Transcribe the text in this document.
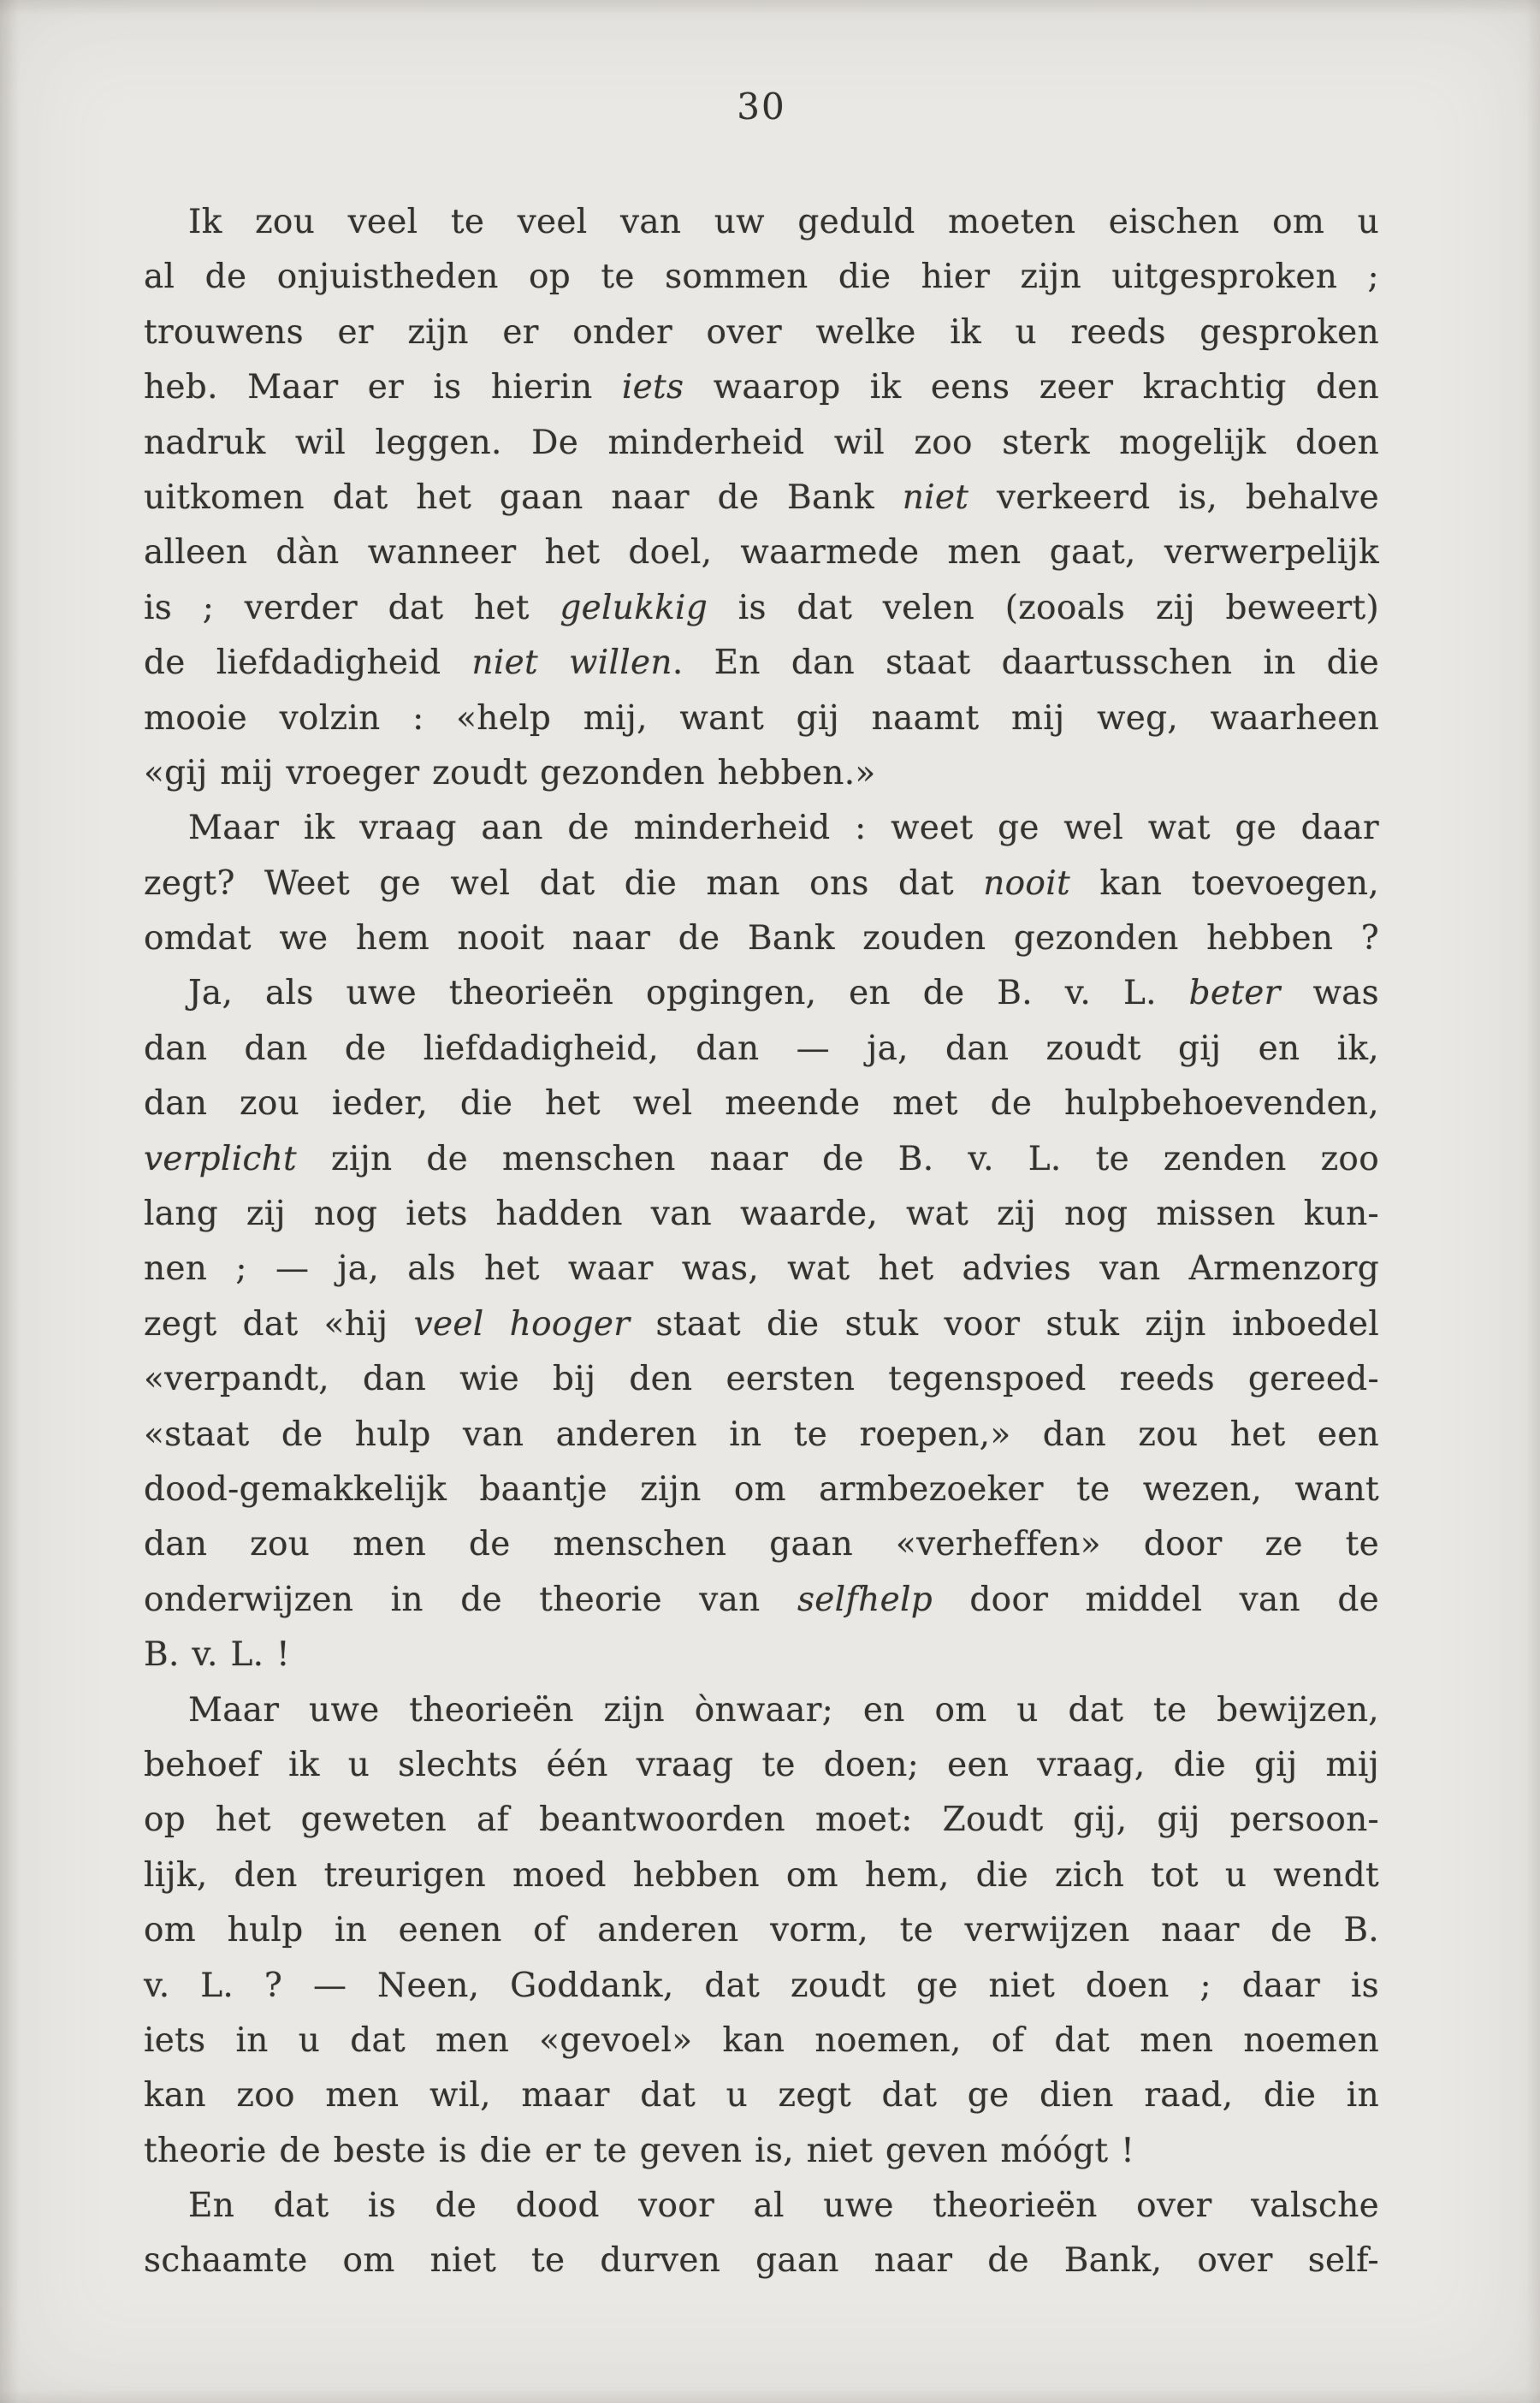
30
Ik zou veel te veel van uw geduld moeten eischen om u
al de onjuistheden op te sommen die hier zijn uitgesproken ;
trouwens er zijn er onder over welke ik u reeds gesproken
heb. Maar er is hierin iets waarop ik eens zeer krachtig den
nadruk wil leggen. De minderheid wil zoo sterk mogelijk doen
uitkomen dat het gaan naar de Bank niet verkeerd is, behalve
alleen dàn wanneer het doel, waarmede men gaat, verwerpelijk
is ; verder dat het gelukkig is dat velen (zooals zij beweert)
de liefdadigheid niet willen. En dan staat daartusschen in die
mooie volzin : «help mij, want gij naamt mij weg, waarheen
«gij mij vroeger zoudt gezonden hebben.»
Maar ik vraag aan de minderheid : weet ge wel wat ge daar
zegt? Weet ge wel dat die man ons dat nooit kan toevoegen,
omdat we hem nooit naar de Bank zouden gezonden hebben ?
Ja, als uwe theorieën opgingen, en de B. v. L. beter was
dan dan de liefdadigheid, dan — ja, dan zoudt gij en ik,
dan zou ieder, die het wel meende met de hulpbehoevenden,
verplicht zijn de menschen naar de B. v. L. te zenden zoo
lang zij nog iets hadden van waarde, wat zij nog missen kun-
nen ; — ja, als het waar was, wat het advies van Armenzorg
zegt dat «hij veel hooger staat die stuk voor stuk zijn inboedel
«verpandt, dan wie bij den eersten tegenspoed reeds gereed-
«staat de hulp van anderen in te roepen,» dan zou het een
dood-gemakkelijk baantje zijn om armbezoeker te wezen, want
dan zou men de menschen gaan «verheffen» door ze te
onderwijzen in de theorie van selfhelp door middel van de
B. v. L. !
Maar uwe theorieën zijn ònwaar; en om u dat te bewijzen,
behoef ik u slechts één vraag te doen; een vraag, die gij mij
op het geweten af beantwoorden moet: Zoudt gij, gij persoon-
lijk, den treurigen moed hebben om hem, die zich tot u wendt
om hulp in eenen of anderen vorm, te verwijzen naar de B.
v. L. ? — Neen, Goddank, dat zoudt ge niet doen ; daar is
iets in u dat men «gevoel» kan noemen, of dat men noemen
kan zoo men wil, maar dat u zegt dat ge dien raad, die in
theorie de beste is die er te geven is, niet geven móógt !
En dat is de dood voor al uwe theorieën over valsche
schaamte om niet te durven gaan naar de Bank, over self-
